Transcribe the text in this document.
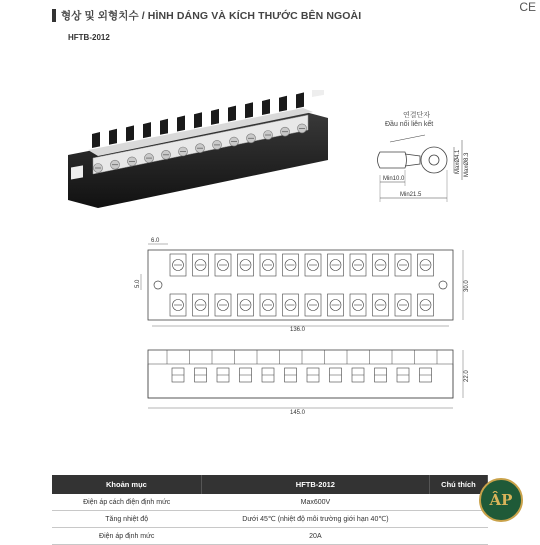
형상 및 외형치수 / HÌNH DÁNG VÀ KÍCH THƯỚC BÊN NGOÀI
CE
HFTB-2012
연결단자
Đầu nối liên kết
Min10.0
Min21.5
MaxØ4.1 MaxØ8.3
6.0
5.0	30.0
136.0
22.0
145.0
Khoản mục	HFTB-2012	Chú thích
Điện áp cách điện định mức	Max600V	
Tăng nhiệt độ	Dưới 45℃ (nhiệt độ môi trường giới hạn 40℃)	
Điện áp định mức	20A	
ÂP
